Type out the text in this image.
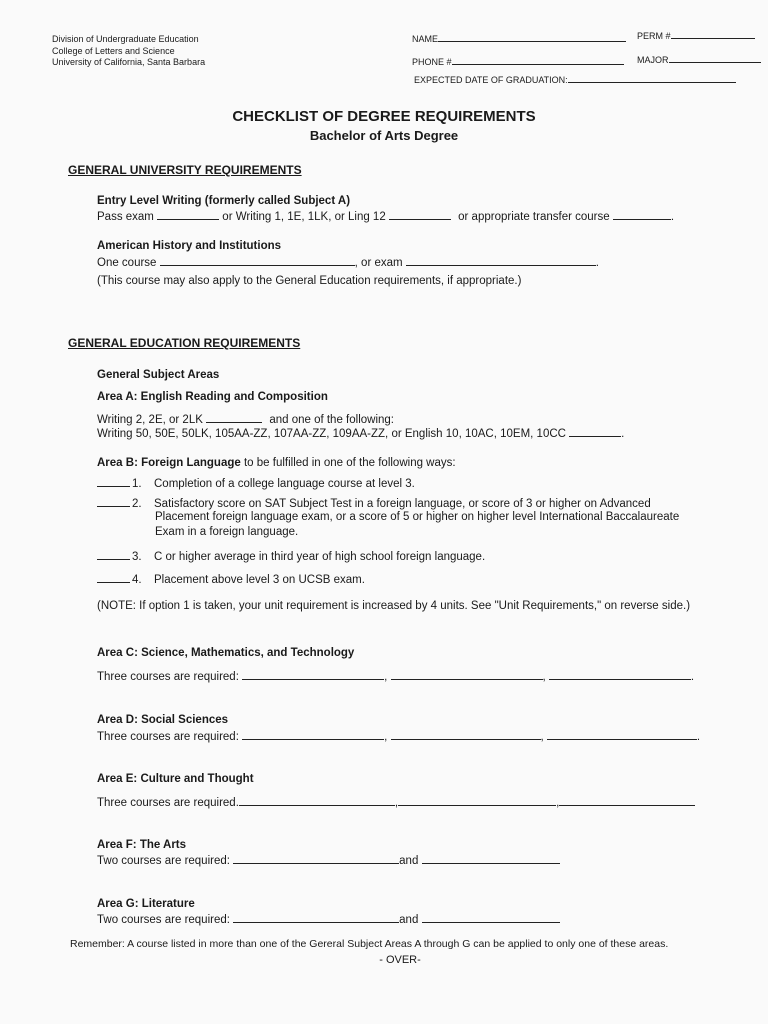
Division of Undergraduate Education
College of Letters and Science
University of California, Santa Barbara
NAME	PERM #
PHONE #	MAJOR
EXPECTED DATE OF GRADUATION:
CHECKLIST OF DEGREE REQUIREMENTS
Bachelor of Arts Degree
GENERAL UNIVERSITY REQUIREMENTS
Entry Level Writing (formerly called Subject A)
Pass exam	or Writing 1, 1E, 1LK, or Ling 12	or appropriate transfer course	.
American History and Institutions
One course	, or exam	.
(This course may also apply to the General Education requirements, if appropriate.)
GENERAL EDUCATION REQUIREMENTS
General Subject Areas
Area A: English Reading and Composition
Writing 2, 2E, or 2LK	and one of the following:
Writing 50, 50E, 50LK, 105AA-ZZ, 107AA-ZZ, 109AA-ZZ, or English 10, 10AC, 10EM, 10CC	.
Area B: Foreign Language to be fulfilled in one of the following ways:
1. Completion of a college language course at level 3.
2. Satisfactory score on SAT Subject Test in a foreign language, or score of 3 or higher on Advanced
Placement foreign language exam, or a score of 5 or higher on higher level International Baccalaureate
Exam in a foreign language.
3. C or higher average in third year of high school foreign language.
4. Placement above level 3 on UCSB exam.
(NOTE: If option 1 is taken, your unit requirement is increased by 4 units. See "Unit Requirements," on reverse side.)
Area C: Science, Mathematics, and Technology
Three courses are required:	,	,	.
Area D: Social Sciences
Three courses are required:	,	,	.
Area E: Culture and Thought
Three courses are required.	,	,
Area F: The Arts
Two courses are required:	and
Area G: Literature
Two courses are required:	and
Remember: A course listed in more than one of the Gereral Subject Areas A through G can be applied to only one of these areas.
- OVER-
